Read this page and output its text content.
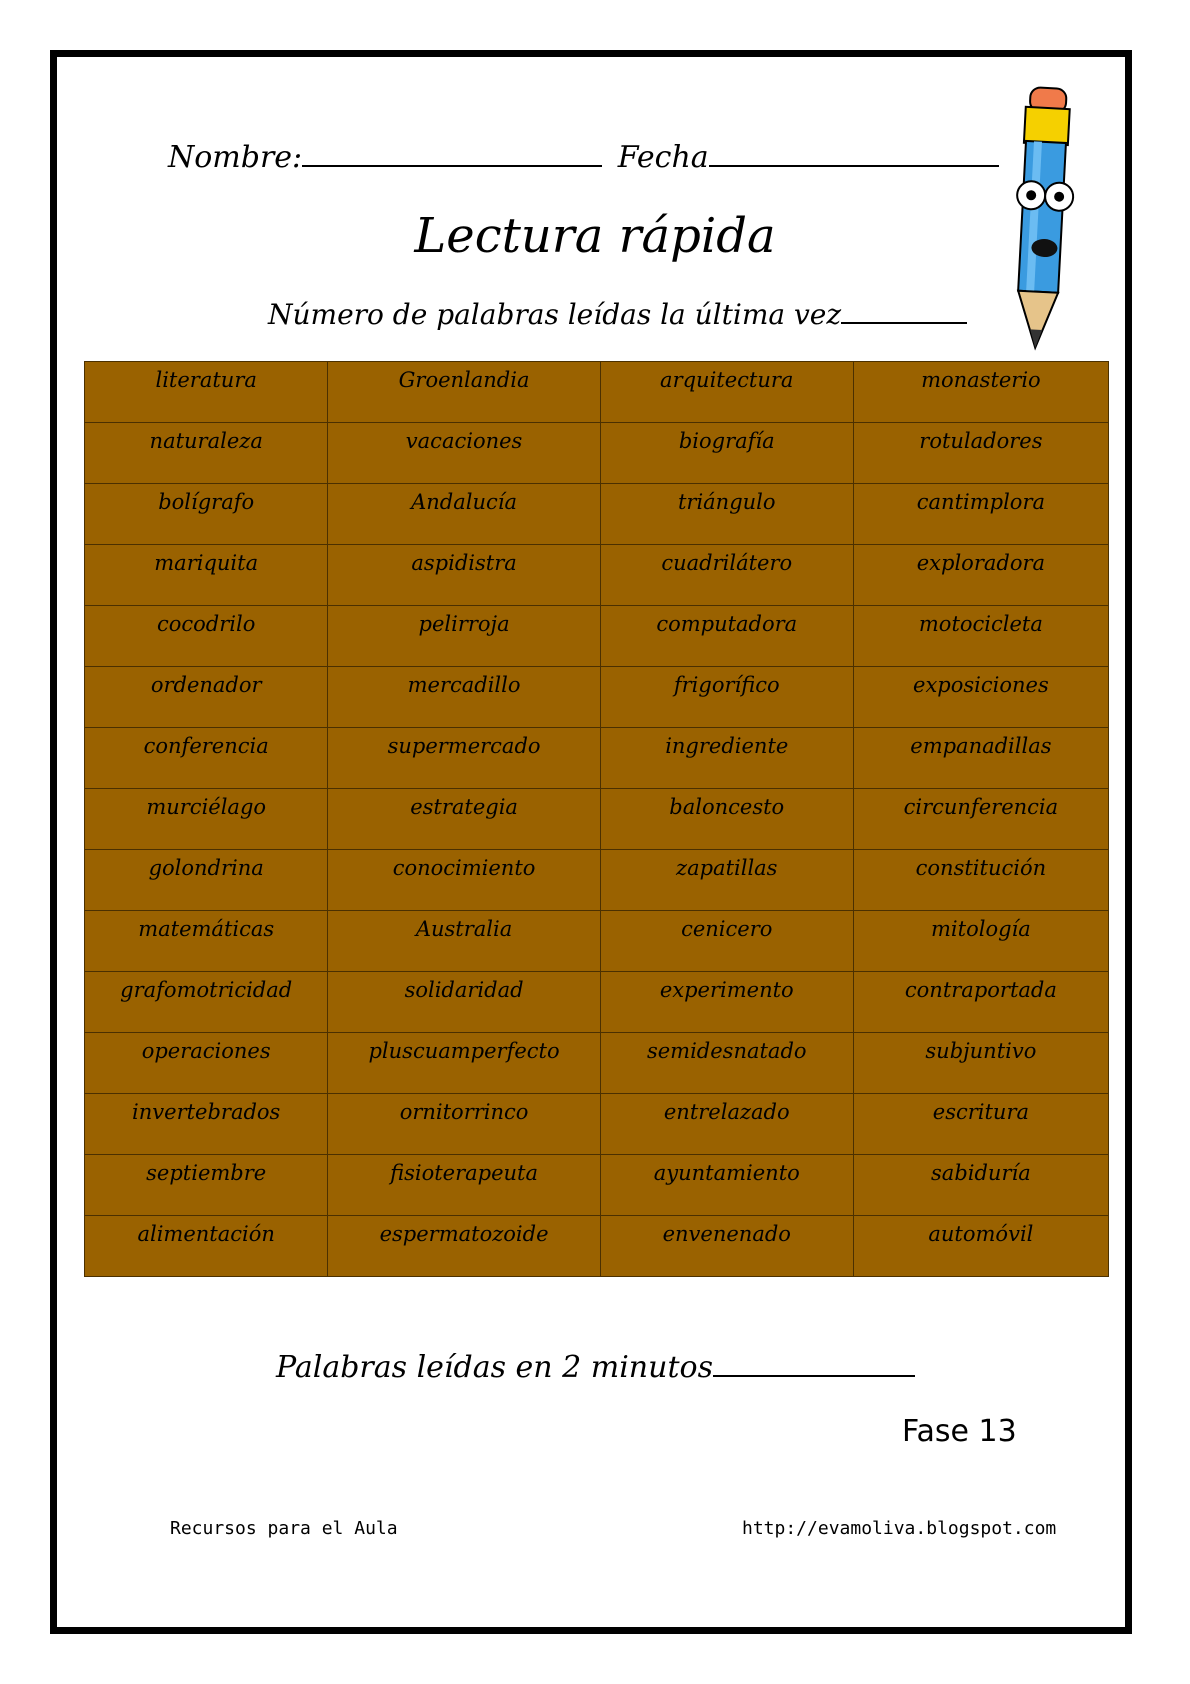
Nombre:	Fecha
Lectura rápida
Número de palabras leídas la última vez
literatura	Groenlandia	arquitectura	monasterio
naturaleza	vacaciones	biografía	rotuladores
bolígrafo	Andalucía	triángulo	cantimplora
mariquita	aspidistra	cuadrilátero	exploradora
cocodrilo	pelirroja	computadora	motocicleta
ordenador	mercadillo	frigorífico	exposiciones
conferencia	supermercado	ingrediente	empanadillas
murciélago	estrategia	baloncesto	circunferencia
golondrina	conocimiento	zapatillas	constitución
matemáticas	Australia	cenicero	mitología
grafomotricidad	solidaridad	experimento	contraportada
operaciones	pluscuamperfecto	semidesnatado	subjuntivo
invertebrados	ornitorrinco	entrelazado	escritura
septiembre	fisioterapeuta	ayuntamiento	sabiduría
alimentación	espermatozoide	envenenado	automóvil
Palabras leídas en 2 minutos
Fase 13
Recursos para el Aula	http://evamoliva.blogspot.com
